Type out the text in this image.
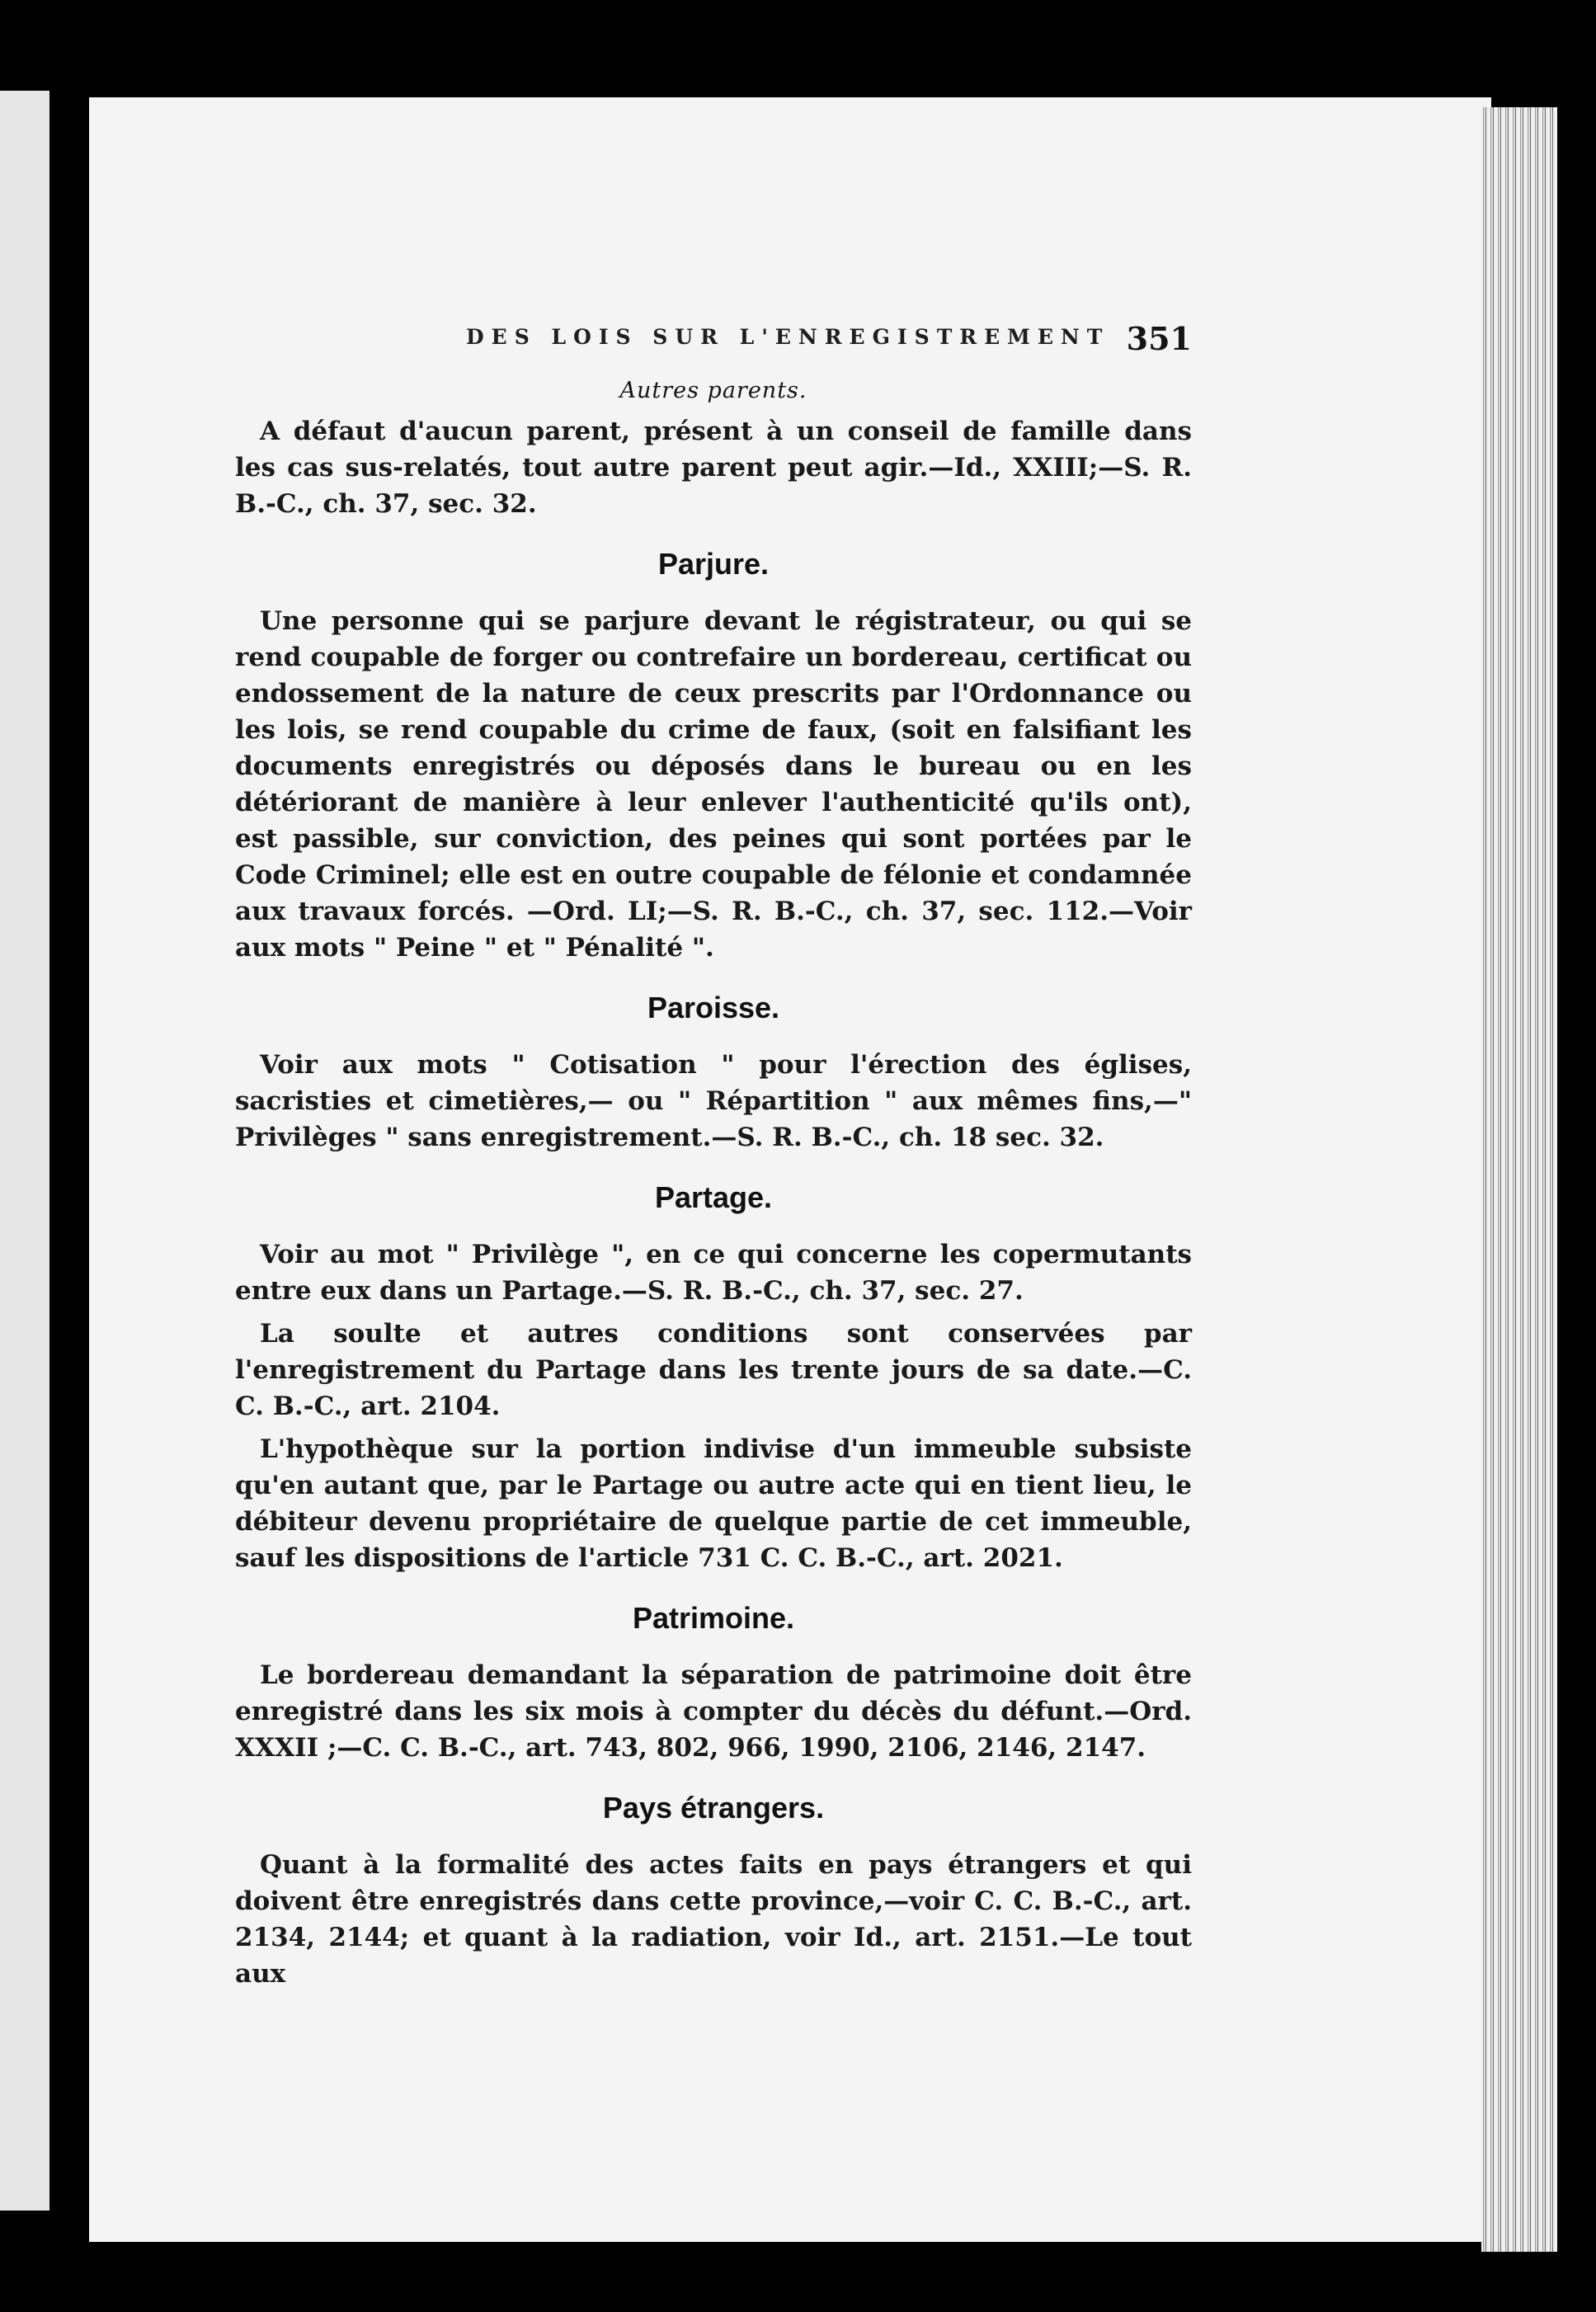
DES LOIS SUR L'ENREGISTREMENT 351
Autres parents.

A défaut d'aucun parent, présent à un conseil de famille dans les cas sus-relatés, tout autre parent peut agir.—Id., XXIII;—S. R. B.-C., ch. 37, sec. 32.

Parjure.

Une personne qui se parjure devant le régistrateur, ou qui se rend coupable de forger ou contrefaire un bordereau, certificat ou endossement de la nature de ceux prescrits par l'Ordonnance ou les lois, se rend coupable du crime de faux, (soit en falsifiant les documents enregistrés ou déposés dans le bureau ou en les détériorant de manière à leur enlever l'authenticité qu'ils ont), est passible, sur conviction, des peines qui sont portées par le Code Criminel; elle est en outre coupable de félonie et condamnée aux travaux forcés. —Ord. LI;—S. R. B.-C., ch. 37, sec. 112.—Voir aux mots " Peine " et " Pénalité ".

Paroisse.

Voir aux mots " Cotisation " pour l'érection des églises, sacristies et cimetières,— ou " Répartition " aux mêmes fins,—" Privilèges " sans enregistrement.—S. R. B.-C., ch. 18 sec. 32.

Partage.

Voir au mot " Privilège ", en ce qui concerne les copermutants entre eux dans un Partage.—S. R. B.-C., ch. 37, sec. 27.

La soulte et autres conditions sont conservées par l'enregistrement du Partage dans les trente jours de sa date.—C. C. B.-C., art. 2104.

L'hypothèque sur la portion indivise d'un immeuble subsiste qu'en autant que, par le Partage ou autre acte qui en tient lieu, le débiteur devenu propriétaire de quelque partie de cet immeuble, sauf les dispositions de l'article 731 C. C. B.-C., art. 2021.

Patrimoine.

Le bordereau demandant la séparation de patrimoine doit être enregistré dans les six mois à compter du décès du défunt.—Ord. XXXII ;—C. C. B.-C., art. 743, 802, 966, 1990, 2106, 2146, 2147.

Pays étrangers.

Quant à la formalité des actes faits en pays étrangers et qui doivent être enregistrés dans cette province,—voir C. C. B.-C., art. 2134, 2144; et quant à la radiation, voir Id., art. 2151.—Le tout aux
